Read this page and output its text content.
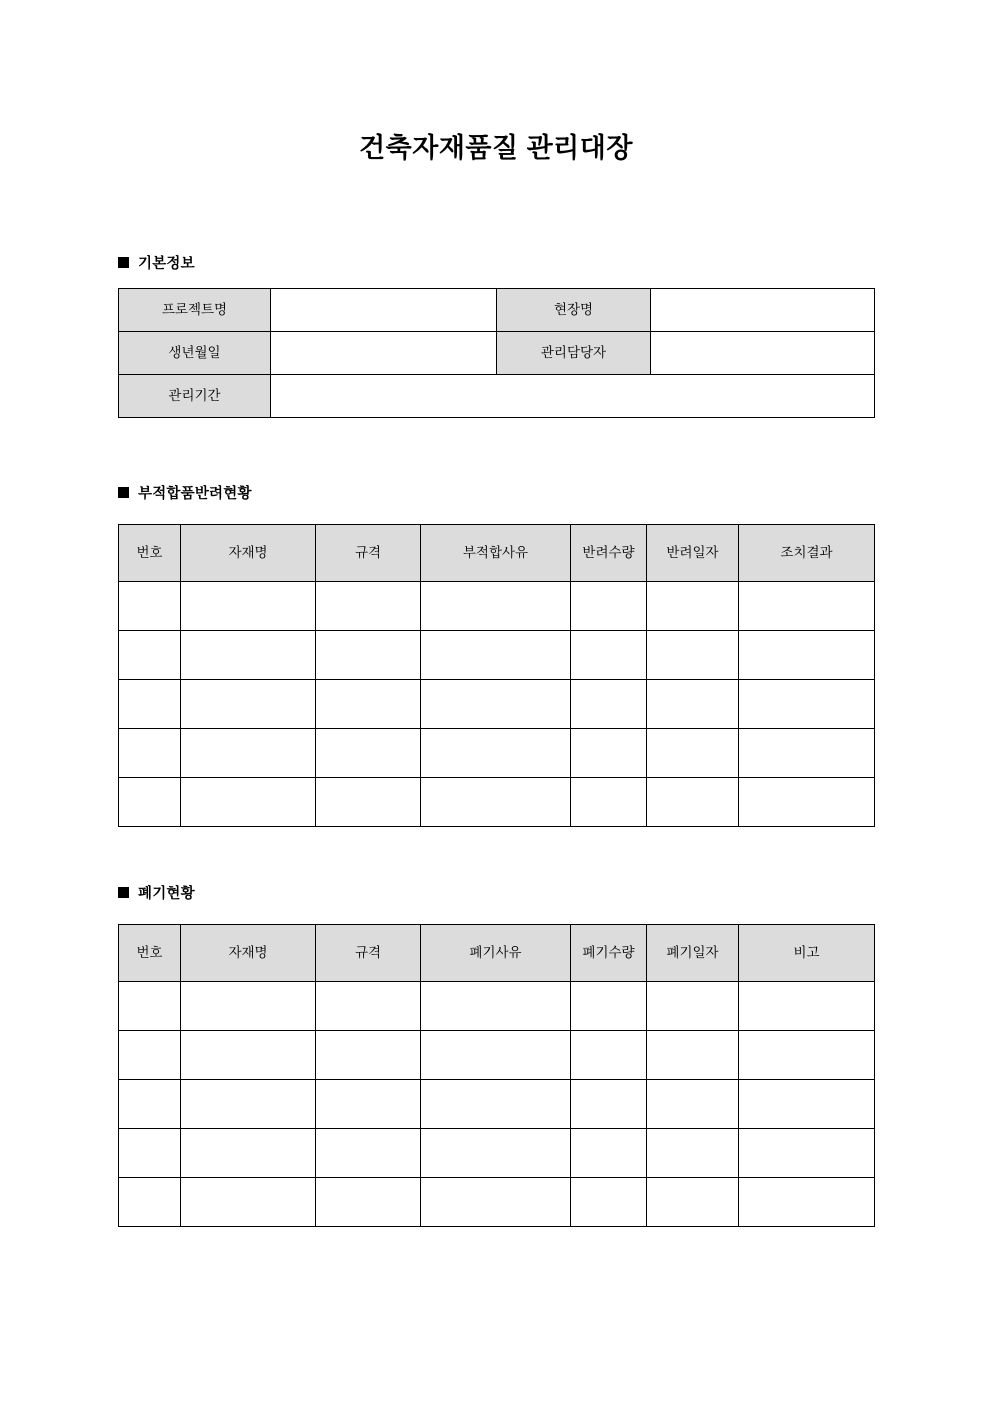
건축자재품질 관리대장
기본정보
프로젝트명		현장명	
생년월일		관리담당자	
관리기간			
부적합품반려현황
번호	자재명	규격	부적합사유	반려수량	반려일자	조치결과

폐기현황
번호	자재명	규격	폐기사유	폐기수량	폐기일자	비고
